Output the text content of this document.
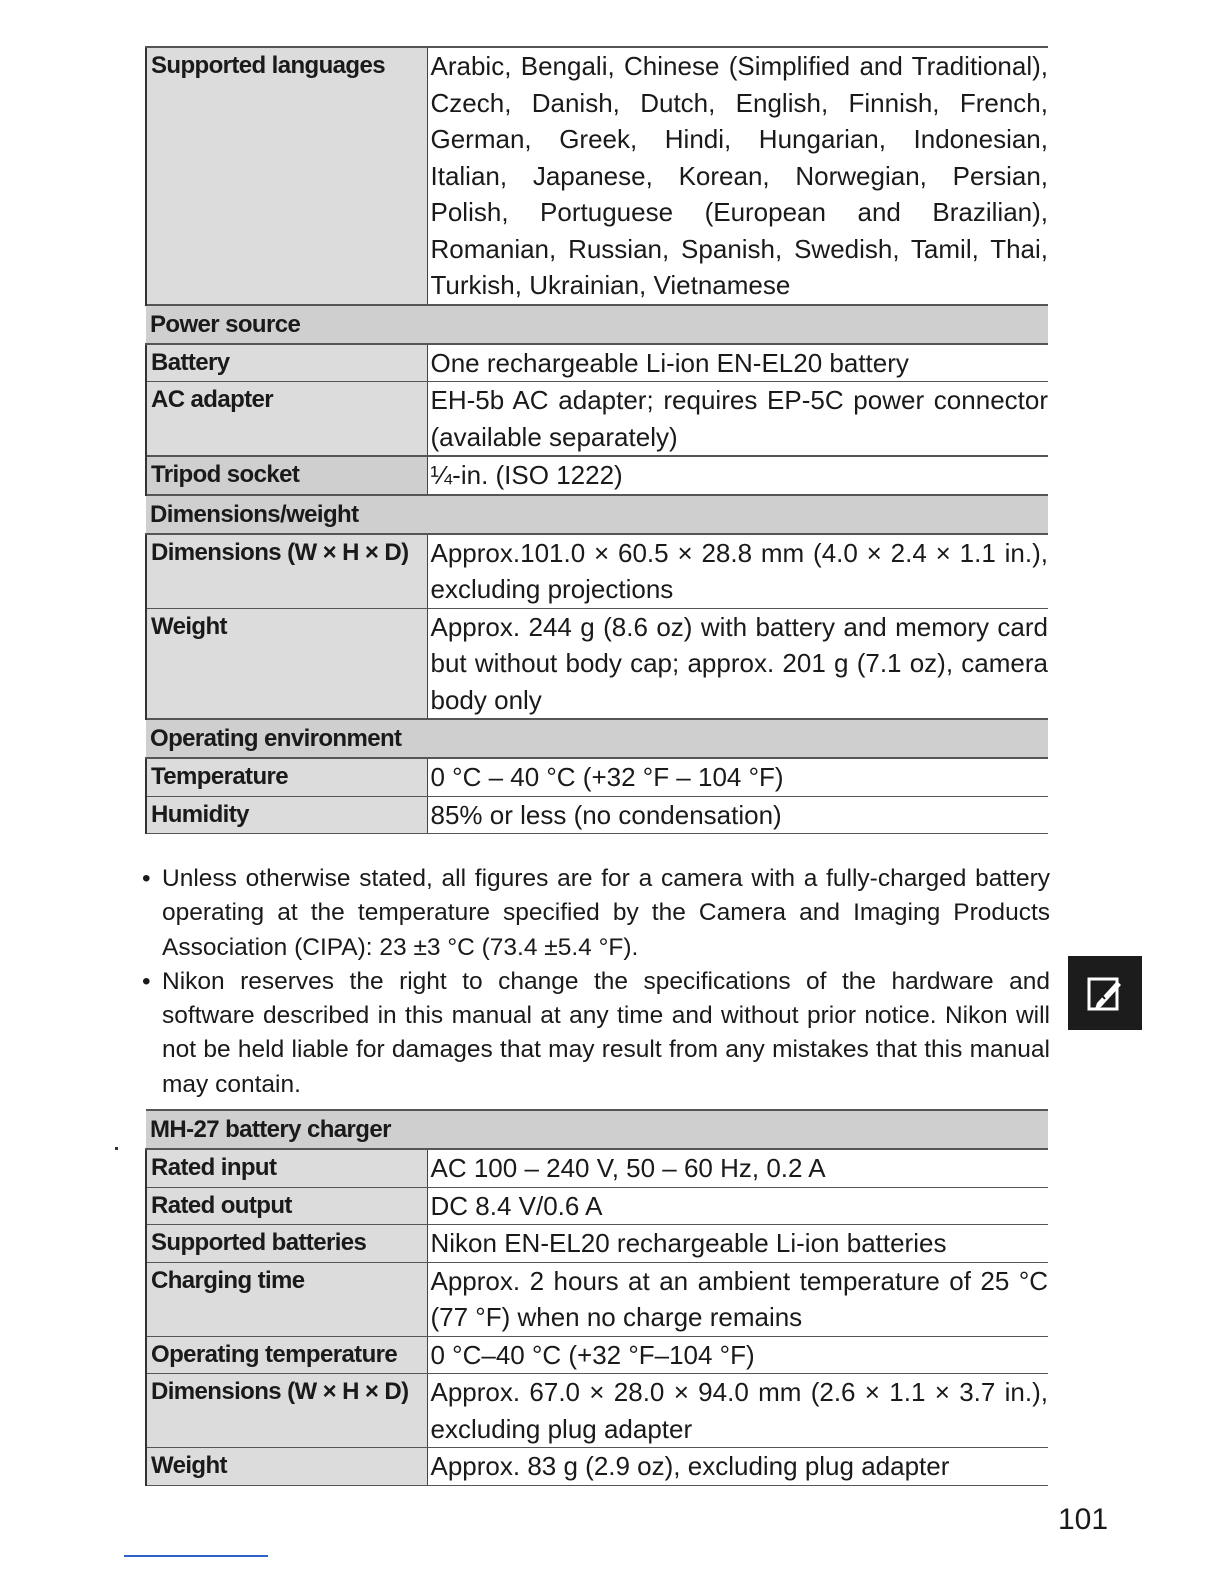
Supported languages	Arabic, Bengali, Chinese (Simplified and Traditional), Czech, Danish, Dutch, English, Finnish, French, German, Greek, Hindi, Hungarian, Indonesian, Italian, Japanese, Korean, Norwegian, Persian, Polish, Portuguese (European and Brazilian), Romanian, Russian, Spanish, Swedish, Tamil, Thai, Turkish, Ukrainian, Vietnamese
Power source	
Battery	One rechargeable Li-ion EN-EL20 battery
AC adapter	EH-5b AC adapter; requires EP-5C power connector (available separately)
Tripod socket	¼-in. (ISO 1222)
Dimensions/weight	
Dimensions (W × H × D)	Approx.101.0 × 60.5 × 28.8 mm (4.0 × 2.4 × 1.1 in.), excluding projections
Weight	Approx. 244 g (8.6 oz) with battery and memory card but without body cap; approx. 201 g (7.1 oz), camera body only
Operating environment	
Temperature	0 °C – 40 °C (+32 °F – 104 °F)
Humidity	85% or less (no condensation)
• Unless otherwise stated, all figures are for a camera with a fully-charged battery operating at the temperature specified by the Camera and Imaging Products Association (CIPA): 23 ±3 °C (73.4 ±5.4 °F).
• Nikon reserves the right to change the specifications of the hardware and software described in this manual at any time and without prior notice. Nikon will not be held liable for damages that may result from any mistakes that this manual may contain.
MH-27 battery charger	
Rated input	AC 100 – 240 V, 50 – 60 Hz, 0.2 A
Rated output	DC 8.4 V/0.6 A
Supported batteries	Nikon EN-EL20 rechargeable Li-ion batteries
Charging time	Approx. 2 hours at an ambient temperature of 25 °C (77 °F) when no charge remains
Operating temperature	0 °C–40 °C (+32 °F–104 °F)
Dimensions (W × H × D)	Approx. 67.0 × 28.0 × 94.0 mm (2.6 × 1.1 × 3.7 in.), excluding plug adapter
Weight	Approx. 83 g (2.9 oz), excluding plug adapter
101
